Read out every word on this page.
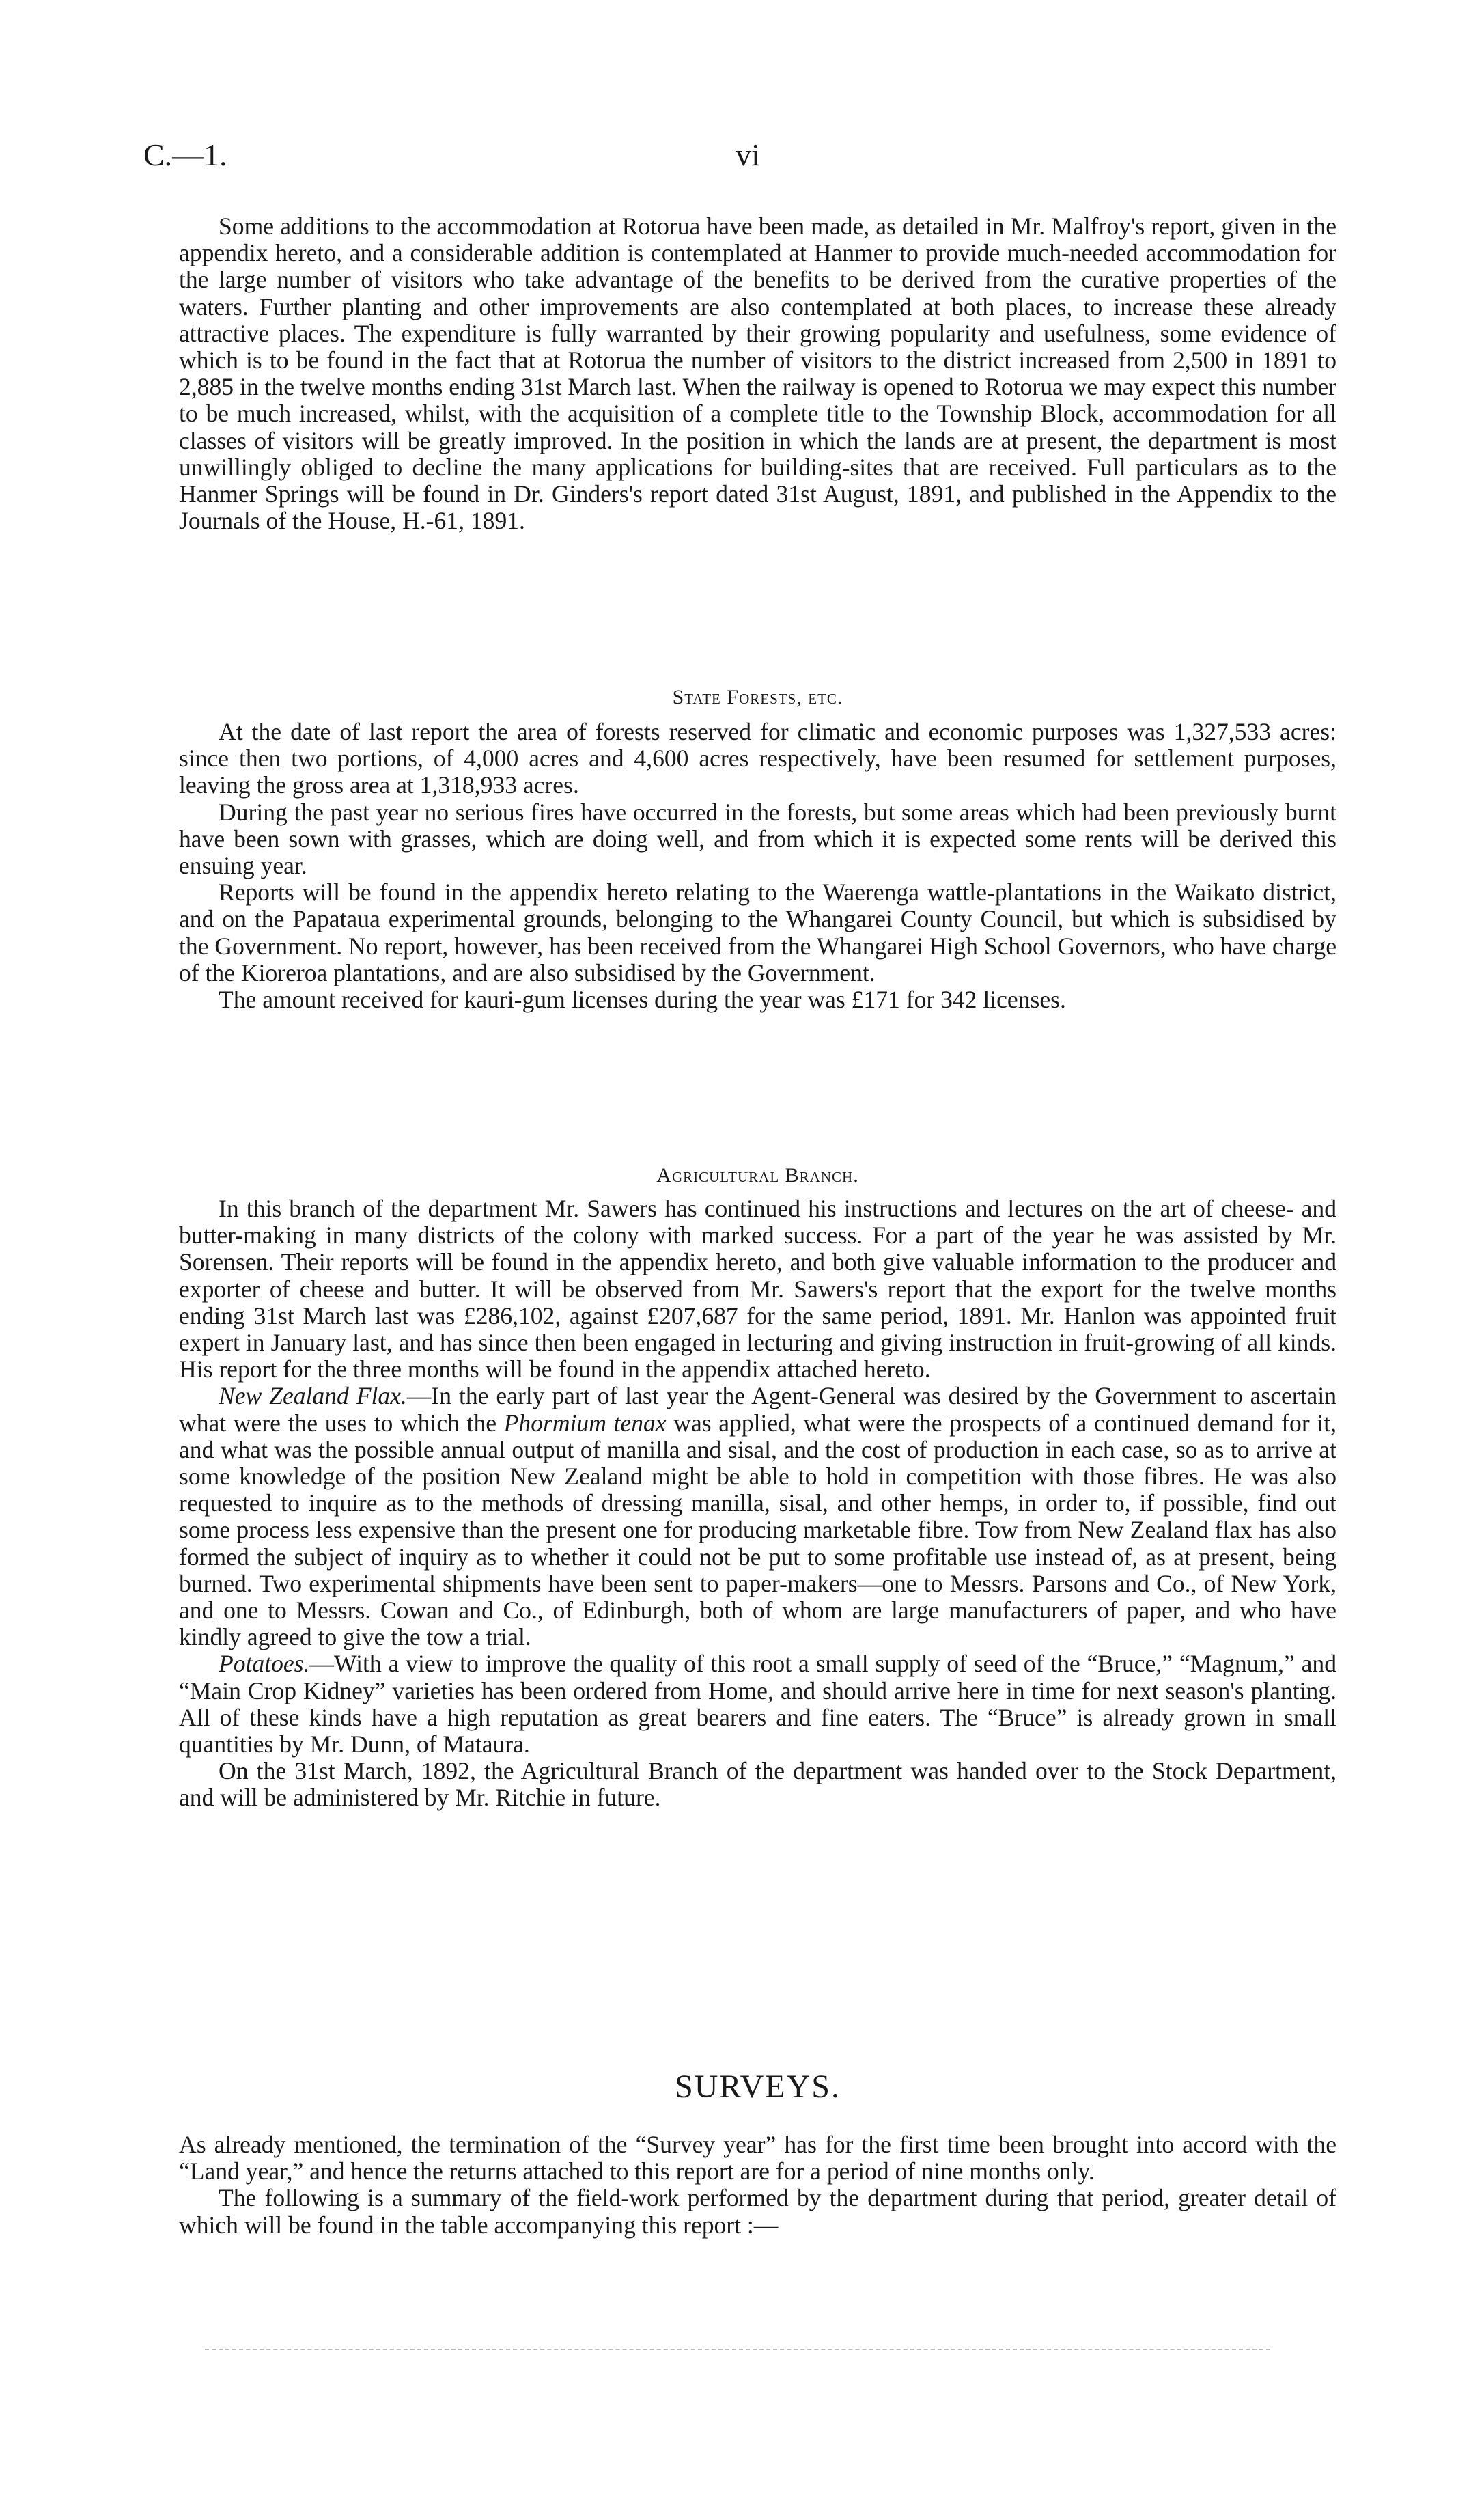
C.—1.	vi

Some additions to the accommodation at Rotorua have been made, as detailed in Mr. Malfroy's report, given in the appendix hereto, and a considerable addition is contemplated at Hanmer to provide much-needed accommodation for the large number of visitors who take advantage of the benefits to be derived from the curative properties of the waters. Further planting and other improvements are also contemplated at both places, to increase these already attractive places. The expenditure is fully warranted by their growing popularity and usefulness, some evidence of which is to be found in the fact that at Rotorua the number of visitors to the district increased from 2,500 in 1891 to 2,885 in the twelve months ending 31st March last. When the railway is opened to Rotorua we may expect this number to be much increased, whilst, with the acquisition of a complete title to the Township Block, accommodation for all classes of visitors will be greatly improved. In the position in which the lands are at present, the department is most unwillingly obliged to decline the many applications for building-sites that are received. Full particulars as to the Hanmer Springs will be found in Dr. Ginders's report dated 31st August, 1891, and published in the Appendix to the Journals of the House, H.-61, 1891.

State Forests, etc.

At the date of last report the area of forests reserved for climatic and economic purposes was 1,327,533 acres: since then two portions, of 4,000 acres and 4,600 acres respectively, have been resumed for settlement purposes, leaving the gross area at 1,318,933 acres.

During the past year no serious fires have occurred in the forests, but some areas which had been previously burnt have been sown with grasses, which are doing well, and from which it is expected some rents will be derived this ensuing year.

Reports will be found in the appendix hereto relating to the Waerenga wattle-plantations in the Waikato district, and on the Papataua experimental grounds, belonging to the Whangarei County Council, but which is subsidised by the Government. No report, however, has been received from the Whangarei High School Governors, who have charge of the Kioreroa plantations, and are also subsidised by the Government.

The amount received for kauri-gum licenses during the year was £171 for 342 licenses.

Agricultural Branch.

In this branch of the department Mr. Sawers has continued his instructions and lectures on the art of cheese- and butter-making in many districts of the colony with marked success. For a part of the year he was assisted by Mr. Sorensen. Their reports will be found in the appendix hereto, and both give valuable information to the producer and exporter of cheese and butter. It will be observed from Mr. Sawers's report that the export for the twelve months ending 31st March last was £286,102, against £207,687 for the same period, 1891. Mr. Hanlon was appointed fruit expert in January last, and has since then been engaged in lecturing and giving instruction in fruit-growing of all kinds. His report for the three months will be found in the appendix attached hereto.

New Zealand Flax.—In the early part of last year the Agent-General was desired by the Government to ascertain what were the uses to which the Phormium tenax was applied, what were the prospects of a continued demand for it, and what was the possible annual output of manilla and sisal, and the cost of production in each case, so as to arrive at some knowledge of the position New Zealand might be able to hold in competition with those fibres. He was also requested to inquire as to the methods of dressing manilla, sisal, and other hemps, in order to, if possible, find out some process less expensive than the present one for producing marketable fibre. Tow from New Zealand flax has also formed the subject of inquiry as to whether it could not be put to some profitable use instead of, as at present, being burned. Two experimental shipments have been sent to paper-makers—one to Messrs. Parsons and Co., of New York, and one to Messrs. Cowan and Co., of Edinburgh, both of whom are large manufacturers of paper, and who have kindly agreed to give the tow a trial.

Potatoes.—With a view to improve the quality of this root a small supply of seed of the “Bruce,” “Magnum,” and “Main Crop Kidney” varieties has been ordered from Home, and should arrive here in time for next season's planting. All of these kinds have a high reputation as great bearers and fine eaters. The “Bruce” is already grown in small quantities by Mr. Dunn, of Mataura.

On the 31st March, 1892, the Agricultural Branch of the department was handed over to the Stock Department, and will be administered by Mr. Ritchie in future.

SURVEYS.

As already mentioned, the termination of the “Survey year” has for the first time been brought into accord with the “Land year,” and hence the returns attached to this report are for a period of nine months only.

The following is a summary of the field-work performed by the department during that period, greater detail of which will be found in the table accompanying this report :—
